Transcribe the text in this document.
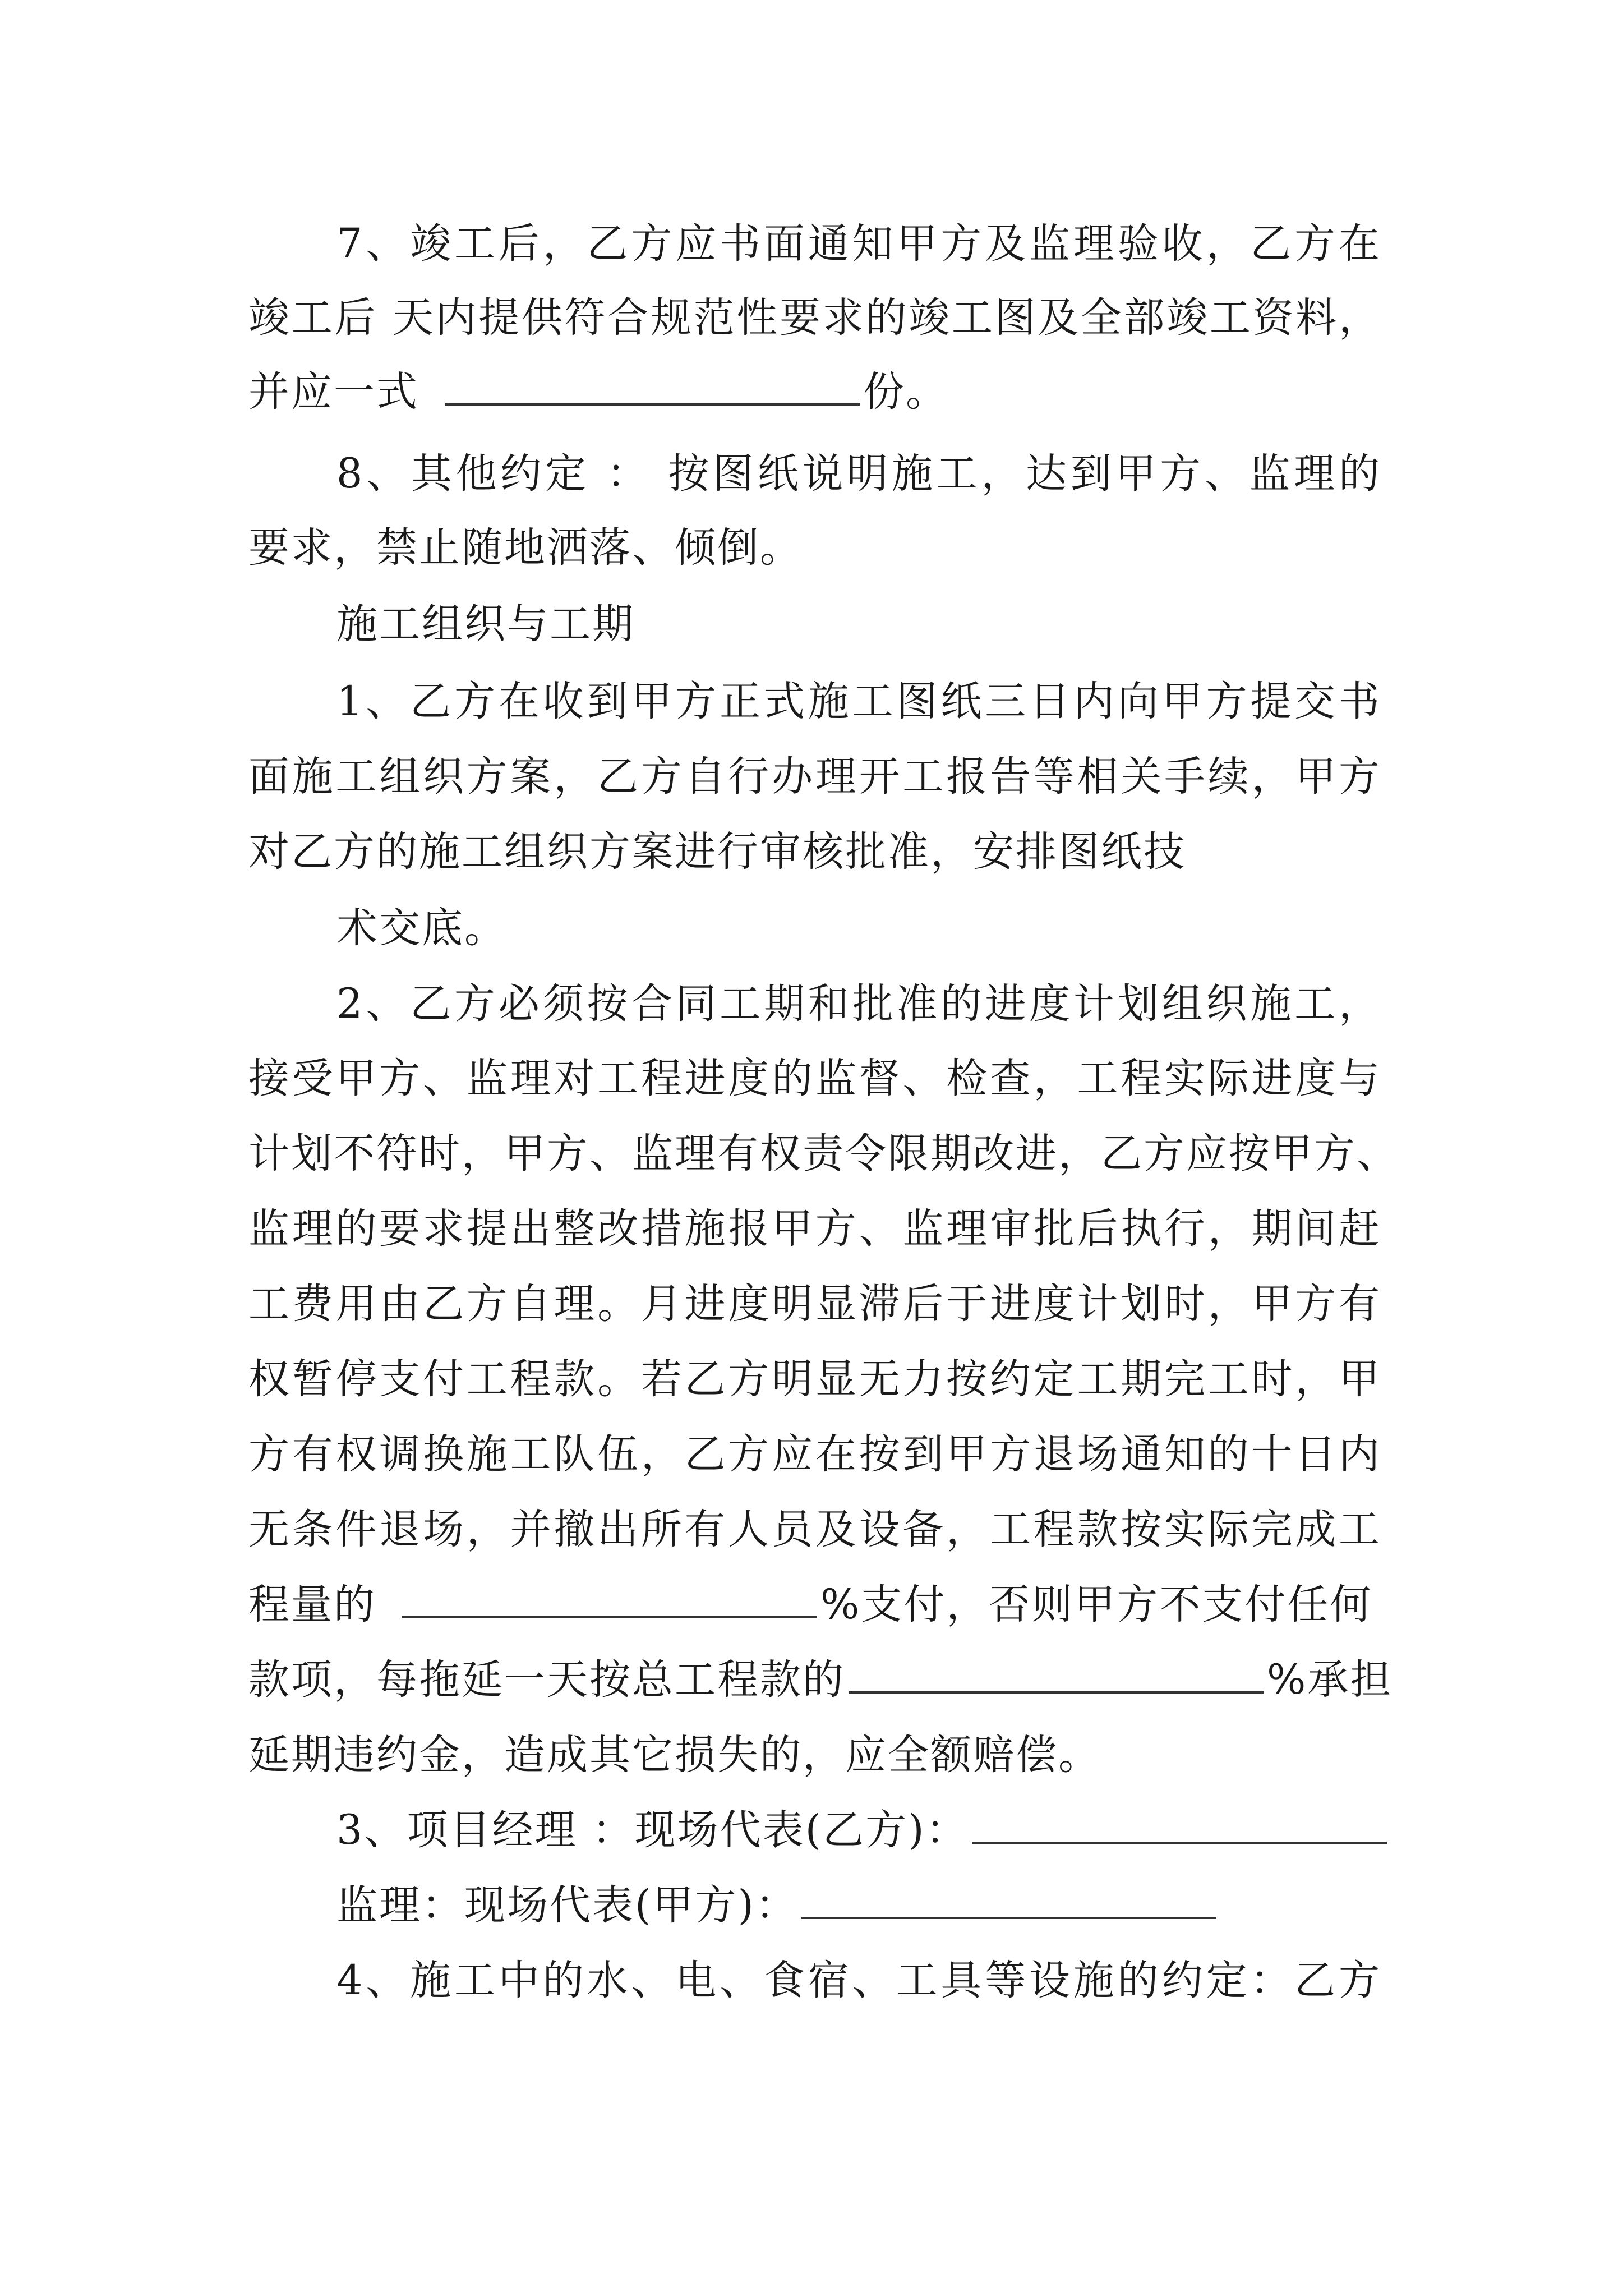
7、竣工后，乙方应书面通知甲方及监理验收，乙方在
竣工后 天内提供符合规范性要求的竣工图及全部竣工资料，
并应一式	份。
8、其他约定 ： 按图纸说明施工，达到甲方、监理的
要求，禁止随地洒落、倾倒。
施工组织与工期
1、乙方在收到甲方正式施工图纸三日内向甲方提交书
面施工组织方案，乙方自行办理开工报告等相关手续，甲方
对乙方的施工组织方案进行审核批准，安排图纸技
术交底。
2、乙方必须按合同工期和批准的进度计划组织施工，
接受甲方、监理对工程进度的监督、检查，工程实际进度与
计划不符时，甲方、监理有权责令限期改进，乙方应按甲方、
监理的要求提出整改措施报甲方、监理审批后执行，期间赶
工费用由乙方自理。月进度明显滞后于进度计划时，甲方有
权暂停支付工程款。若乙方明显无力按约定工期完工时，甲
方有权调换施工队伍，乙方应在按到甲方退场通知的十日内
无条件退场，并撤出所有人员及设备，工程款按实际完成工
程量的	%支付，否则甲方不支付任何
款项，每拖延一天按总工程款的	%承担
延期违约金，造成其它损失的，应全额赔偿。
3、项目经理 ：现场代表(乙方)：
监理：现场代表(甲方)：
4、施工中的水、电、食宿、工具等设施的约定：乙方
